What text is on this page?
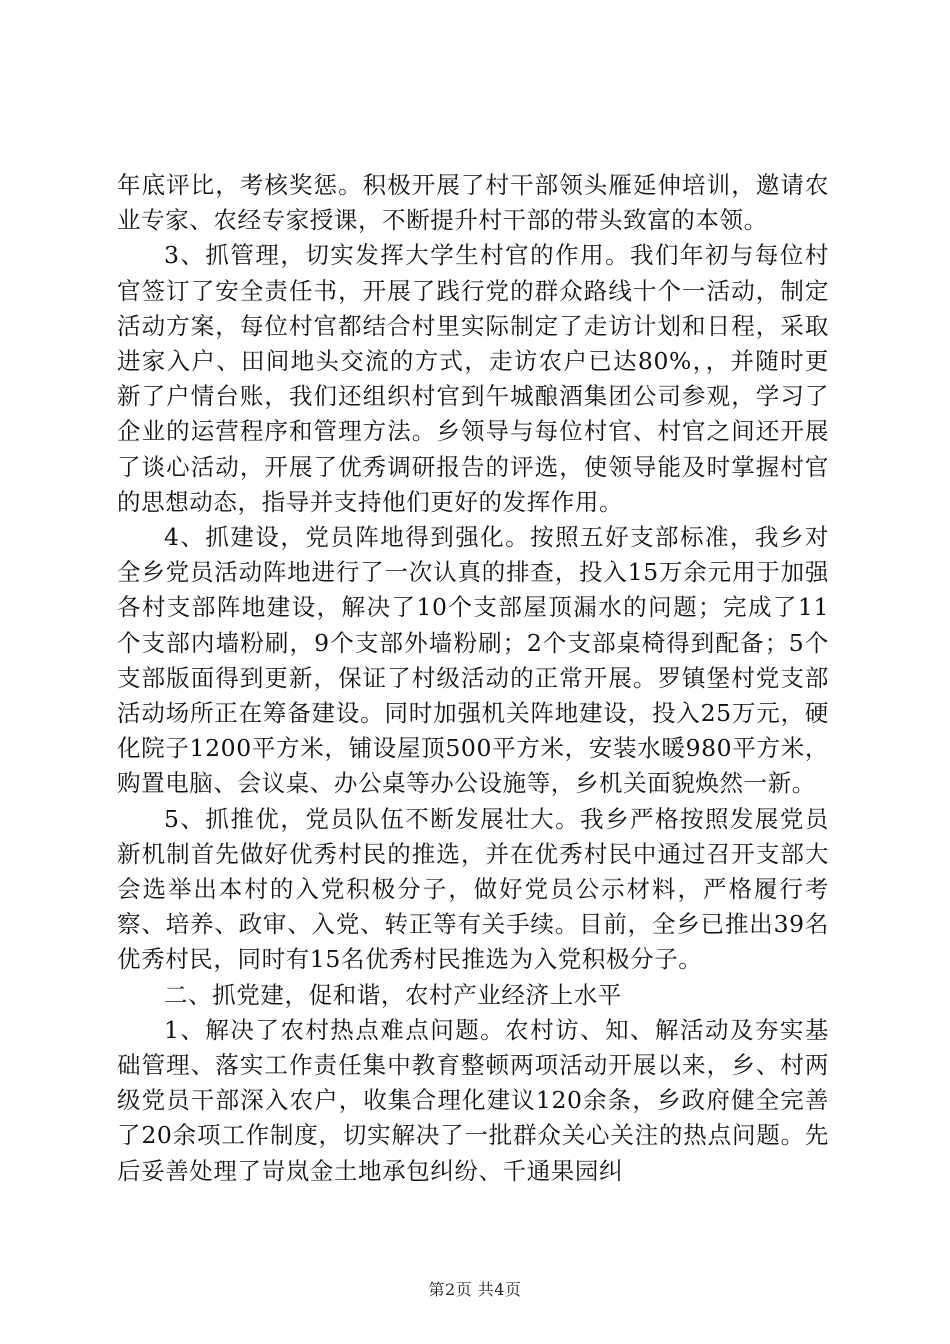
年底评比，考核奖惩。积极开展了村干部领头雁延伸培训，邀请农业专家、农经专家授课，不断提升村干部的带头致富的本领。

3、抓管理，切实发挥大学生村官的作用。我们年初与每位村官签订了安全责任书，开展了践行党的群众路线十个一活动，制定活动方案，每位村官都结合村里实际制定了走访计划和日程，采取进家入户、田间地头交流的方式，走访农户已达80%，，并随时更新了户情台账，我们还组织村官到午城酿酒集团公司参观，学习了企业的运营程序和管理方法。乡领导与每位村官、村官之间还开展了谈心活动，开展了优秀调研报告的评选，使领导能及时掌握村官的思想动态，指导并支持他们更好的发挥作用。

4、抓建设，党员阵地得到强化。按照五好支部标准，我乡对全乡党员活动阵地进行了一次认真的排查，投入15万余元用于加强各村支部阵地建设，解决了10个支部屋顶漏水的问题；完成了11个支部内墙粉刷，9个支部外墙粉刷；2个支部桌椅得到配备；5个支部版面得到更新，保证了村级活动的正常开展。罗镇堡村党支部活动场所正在筹备建设。同时加强机关阵地建设，投入25万元，硬化院子1200平方米，铺设屋顶500平方米，安装水暖980平方米，购置电脑、会议桌、办公桌等办公设施等，乡机关面貌焕然一新。

5、抓推优，党员队伍不断发展壮大。我乡严格按照发展党员新机制首先做好优秀村民的推选，并在优秀村民中通过召开支部大会选举出本村的入党积极分子，做好党员公示材料，严格履行考察、培养、政审、入党、转正等有关手续。目前，全乡已推出39名优秀村民，同时有15名优秀村民推选为入党积极分子。

二、抓党建，促和谐，农村产业经济上水平

1、解决了农村热点难点问题。农村访、知、解活动及夯实基础管理、落实工作责任集中教育整顿两项活动开展以来，乡、村两级党员干部深入农户，收集合理化建议120余条，乡政府健全完善了20余项工作制度，切实解决了一批群众关心关注的热点问题。先后妥善处理了岢岚金土地承包纠纷、千通果园纠

第2页 共4页
